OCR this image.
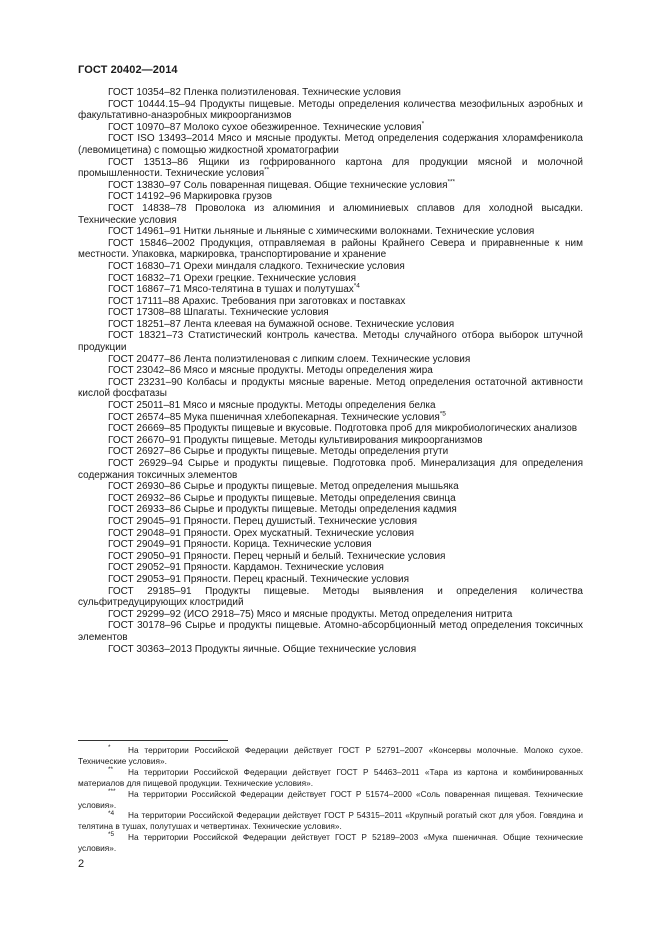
ГОСТ 20402—2014

ГОСТ 10354–82 Пленка полиэтиленовая. Технические условия

ГОСТ 10444.15–94 Продукты пищевые. Методы определения количества мезофильных аэробных и факультативно-анаэробных микроорганизмов

ГОСТ 10970–87 Молоко сухое обезжиренное. Технические условия*

ГОСТ ISO 13493–2014 Мясо и мясные продукты. Метод определения содержания хлорамфеникола (левомицетина) с помощью жидкостной хроматографии

ГОСТ 13513–86 Ящики из гофрированного картона для продукции мясной и молочной промышленности. Технические условия**

ГОСТ 13830–97 Соль поваренная пищевая. Общие технические условия***

ГОСТ 14192–96 Маркировка грузов

ГОСТ 14838–78 Проволока из алюминия и алюминиевых сплавов для холодной высадки. Технические условия

ГОСТ 14961–91 Нитки льняные и льняные с химическими волокнами. Технические условия

ГОСТ 15846–2002 Продукция, отправляемая в районы Крайнего Севера и приравненные к ним местности. Упаковка, маркировка, транспортирование и хранение

ГОСТ 16830–71 Орехи миндаля сладкого. Технические условия

ГОСТ 16832–71 Орехи грецкие. Технические условия

ГОСТ 16867–71 Мясо-телятина в тушах и полутушах$^{*4}$

ГОСТ 17111–88 Арахис. Требования при заготовках и поставках

ГОСТ 17308–88 Шпагаты. Технические условия

ГОСТ 18251–87 Лента клеевая на бумажной основе. Технические условия

ГОСТ 18321–73 Статистический контроль качества. Методы случайного отбора выборок штучной продукции

ГОСТ 20477–86 Лента полиэтиленовая с липким слоем. Технические условия

ГОСТ 23042–86 Мясо и мясные продукты. Методы определения жира

ГОСТ 23231–90 Колбасы и продукты мясные вареные. Метод определения остаточной активности кислой фосфатазы

ГОСТ 25011–81 Мясо и мясные продукты. Методы определения белка

ГОСТ 26574–85 Мука пшеничная хлебопекарная. Технические условия$^{*5}$

ГОСТ 26669–85 Продукты пищевые и вкусовые. Подготовка проб для микробиологических анализов

ГОСТ 26670–91 Продукты пищевые. Методы культивирования микроорганизмов

ГОСТ 26927–86 Сырье и продукты пищевые. Методы определения ртути

ГОСТ 26929–94 Сырье и продукты пищевые. Подготовка проб. Минерализация для определения содержания токсичных элементов

ГОСТ 26930–86 Сырье и продукты пищевые. Метод определения мышьяка

ГОСТ 26932–86 Сырье и продукты пищевые. Методы определения свинца

ГОСТ 26933–86 Сырье и продукты пищевые. Методы определения кадмия

ГОСТ 29045–91 Пряности. Перец душистый. Технические условия

ГОСТ 29048–91 Пряности. Орех мускатный. Технические условия

ГОСТ 29049–91 Пряности. Корица. Технические условия

ГОСТ 29050–91 Пряности. Перец черный и белый. Технические условия

ГОСТ 29052–91 Пряности. Кардамон. Технические условия

ГОСТ 29053–91 Пряности. Перец красный. Технические условия

ГОСТ 29185–91 Продукты пищевые. Методы выявления и определения количества сульфитредуцирующих клостридий

ГОСТ 29299–92 (ИСО 2918–75) Мясо и мясные продукты. Метод определения нитрита

ГОСТ 30178–96 Сырье и продукты пищевые. Атомно-абсорбционный метод определения токсичных элементов

ГОСТ 30363–2013 Продукты яичные. Общие технические условия

* На территории Российской Федерации действует ГОСТ Р 52791–2007 «Консервы молочные. Молоко сухое. Технические условия».

** На территории Российской Федерации действует ГОСТ Р 54463–2011 «Тара из картона и комбинированных материалов для пищевой продукции. Технические условия».

*** На территории Российской Федерации действует ГОСТ Р 51574–2000 «Соль поваренная пищевая. Технические условия».

$^{*4}$ На территории Российской Федерации действует ГОСТ Р 54315–2011 «Крупный рогатый скот для убоя. Говядина и телятина в тушах, полутушах и четвертинах. Технические условия».

$^{*5}$ На территории Российской Федерации действует ГОСТ Р 52189–2003 «Мука пшеничная. Общие технические условия».

2
